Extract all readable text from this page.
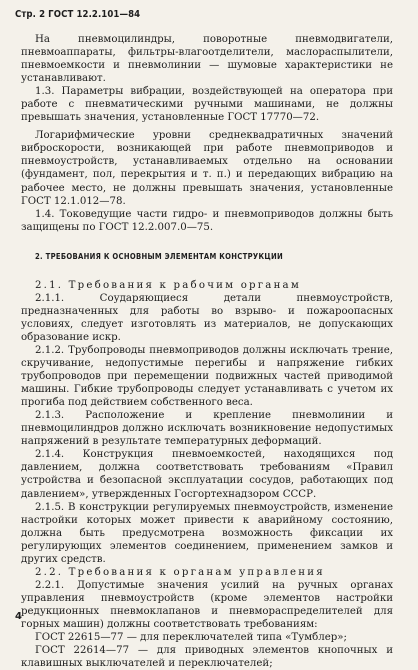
Стр. 2 ГОСТ 12.2.101—84

На пневмоцилиндры, поворотные пневмодвигатели, пневмоаппараты, фильтры-влагоотделители, маслораспылители, пневмоемкости и пневмолинии — шумовые характеристики не устанавливают.

1.3. Параметры вибрации, воздействующей на оператора при работе с пневматическими ручными машинами, не должны превышать значения, установленные ГОСТ 17770—72.

Логарифмические уровни среднеквадратичных значений виброскорости, возникающей при работе пневмоприводов и пневмоустройств, устанавливаемых отдельно на основании (фундамент, пол, перекрытия и т. п.) и передающих вибрацию на рабочее место, не должны превышать значения, установленные ГОСТ 12.1.012—78.

1.4. Токоведущие части гидро- и пневмоприводов должны быть защищены по ГОСТ 12.2.007.0—75.

2. ТРЕБОВАНИЯ К ОСНОВНЫМ ЭЛЕМЕНТАМ КОНСТРУКЦИИ

2.1. Требования к рабочим органам

2.1.1. Соударяющиеся детали пневмоустройств, предназначенных для работы во взрыво- и пожароопасных условиях, следует изготовлять из материалов, не допускающих образование искр.

2.1.2. Трубопроводы пневмоприводов должны исключать трение, скручивание, недопустимые перегибы и напряжение гибких трубопроводов при перемещении подвижных частей приводимой машины. Гибкие трубопроводы следует устанавливать с учетом их прогиба под действием собственного веса.

2.1.3. Расположение и крепление пневмолинии и пневмоцилиндров должно исключать возникновение недопустимых напряжений в результате температурных деформаций.

2.1.4. Конструкция пневмоемкостей, находящихся под давлением, должна соответствовать требованиям «Правил устройства и безопасной эксплуатации сосудов, работающих под давлением», утвержденных Госгортехнадзором СССР.

2.1.5. В конструкции регулируемых пневмоустройств, изменение настройки которых может привести к аварийному состоянию, должна быть предусмотрена возможность фиксации их регулирующих элементов соединением, применением замков и других средств.

2.2. Требования к органам управления

2.2.1. Допустимые значения усилий на ручных органах управления пневмоустройств (кроме элементов настройки редукционных пневмоклапанов и пневмораспределителей для горных машин) должны соответствовать требованиям:

ГОСТ 22615—77 — для переключателей типа «Тумблер»;

ГОСТ 22614—77 — для приводных элементов кнопочных и клавишных выключателей и переключателей;

4
